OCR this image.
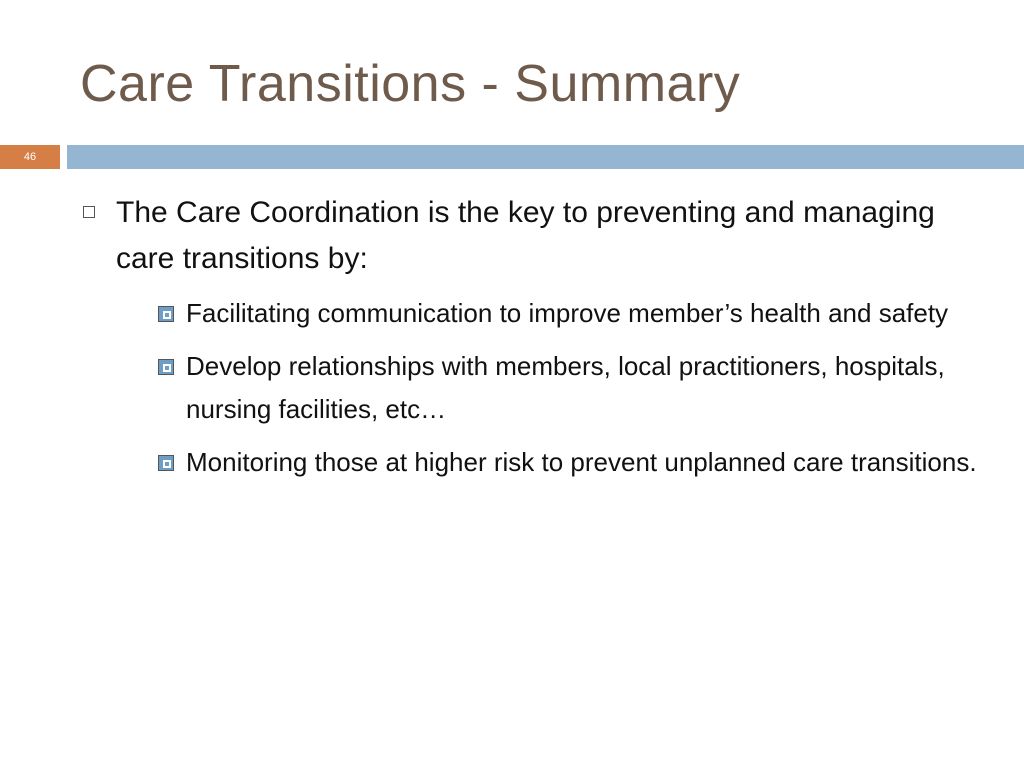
Care Transitions - Summary
46
The Care Coordination is the key to preventing and managing care transitions by:
Facilitating communication to improve member’s health and safety
Develop relationships with members, local practitioners, hospitals, nursing facilities, etc…
Monitoring those at higher risk to prevent unplanned care transitions.
